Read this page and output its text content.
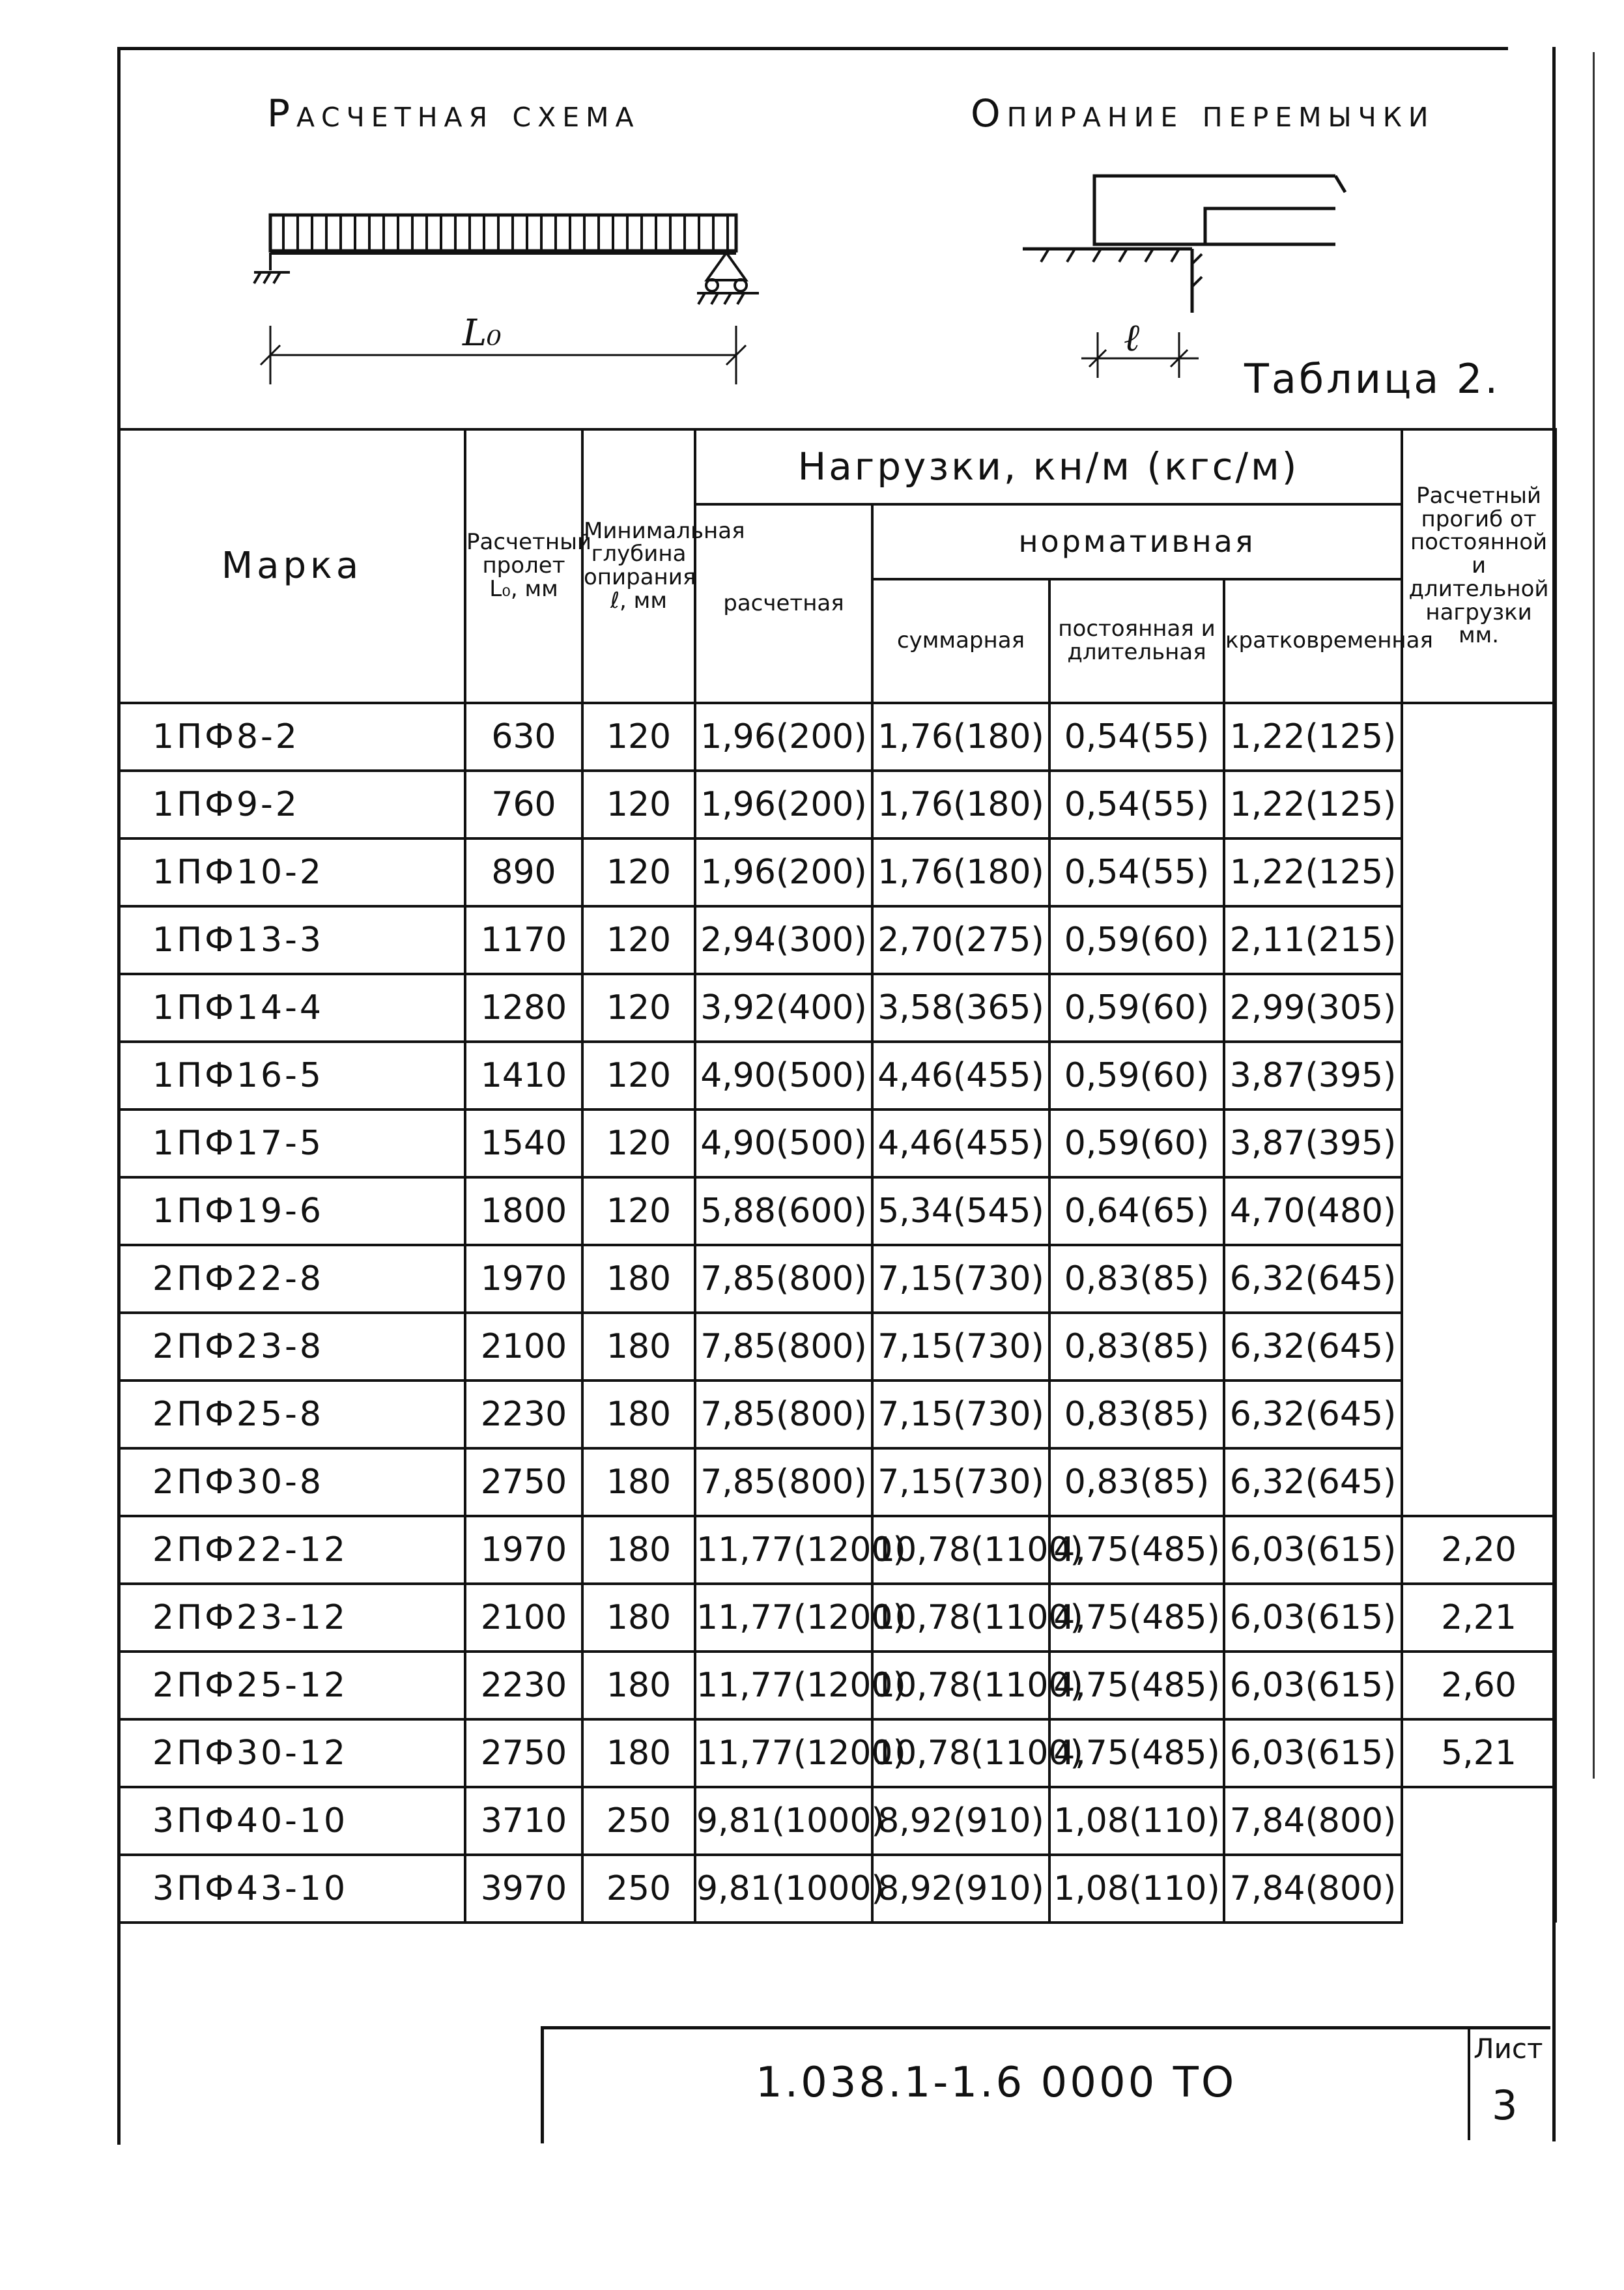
Расчетная схема	Опирание перемычки
L₀	ℓ
Таблица 2.
Марка	Расчетный пролет L₀, мм	Минимальная глубина опирания ℓ, мм	Нагрузки, кн/м (кгс/м)				Расчетный прогиб от постоянной и длительной нагрузки мм.
			расчетная	нормативная			
				суммарная	постоянная и длительная	кратковременная	
1ПФ8-2	630	120	1,96(200)	1,76(180)	0,54(55)	1,22(125)	
1ПФ9-2	760	120	1,96(200)	1,76(180)	0,54(55)	1,22(125)	
1ПФ10-2	890	120	1,96(200)	1,76(180)	0,54(55)	1,22(125)	
1ПФ13-3	1170	120	2,94(300)	2,70(275)	0,59(60)	2,11(215)	
1ПФ14-4	1280	120	3,92(400)	3,58(365)	0,59(60)	2,99(305)	
1ПФ16-5	1410	120	4,90(500)	4,46(455)	0,59(60)	3,87(395)	
1ПФ17-5	1540	120	4,90(500)	4,46(455)	0,59(60)	3,87(395)	
1ПФ19-6	1800	120	5,88(600)	5,34(545)	0,64(65)	4,70(480)	
2ПФ22-8	1970	180	7,85(800)	7,15(730)	0,83(85)	6,32(645)	
2ПФ23-8	2100	180	7,85(800)	7,15(730)	0,83(85)	6,32(645)	
2ПФ25-8	2230	180	7,85(800)	7,15(730)	0,83(85)	6,32(645)	
2ПФ30-8	2750	180	7,85(800)	7,15(730)	0,83(85)	6,32(645)	
2ПФ22-12	1970	180	11,77(1200)	10,78(1100)	4,75(485)	6,03(615)	2,20
2ПФ23-12	2100	180	11,77(1200)	10,78(1100)	4,75(485)	6,03(615)	2,21
2ПФ25-12	2230	180	11,77(1200)	10,78(1100)	4,75(485)	6,03(615)	2,60
2ПФ30-12	2750	180	11,77(1200)	10,78(1100)	4,75(485)	6,03(615)	5,21
3ПФ40-10	3710	250	9,81(1000)	8,92(910)	1,08(110)	7,84(800)	
3ПФ43-10	3970	250	9,81(1000)	8,92(910)	1,08(110)	7,84(800)	
1.038.1-1.6 0000 ТО
Лист
3
